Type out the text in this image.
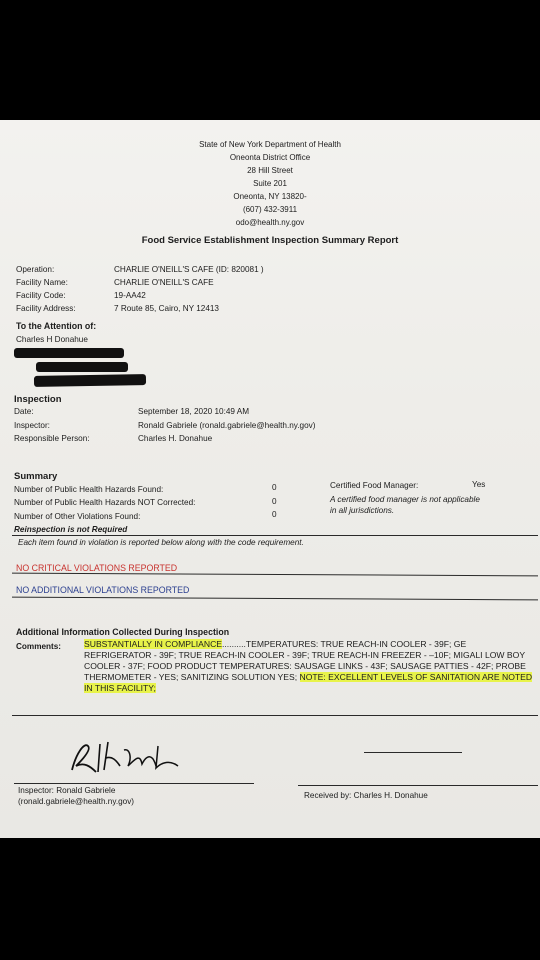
State of New York Department of Health
Oneonta District Office
28 Hill Street
Suite 201
Oneonta, NY 13820-
(607) 432-3911
odo@health.ny.gov
Food Service Establishment Inspection Summary Report
Operation:	CHARLIE O'NEILL'S CAFE (ID: 820081 )
Facility Name:	CHARLIE O'NEILL'S CAFE
Facility Code:	19-AA42
Facility Address:	7 Route 85, Cairo, NY 12413
To the Attention of:
Charles H Donahue
Inspection
Date:	September 18, 2020 10:49 AM
Inspector:	Ronald Gabriele (ronald.gabriele@health.ny.gov)
Responsible Person:	Charles H. Donahue
Summary
Number of Public Health Hazards Found:	0
Number of Public Health Hazards NOT Corrected:	0
Number of Other Violations Found:	0
Certified Food Manager:	Yes
A certified food manager is not applicable
in all jurisdictions.
Reinspection is not Required
Each item found in violation is reported below along with the code requirement.
NO CRITICAL VIOLATIONS REPORTED
NO ADDITIONAL VIOLATIONS REPORTED
Additional Information Collected During Inspection
Comments:	SUBSTANTIALLY IN COMPLIANCE..........TEMPERATURES: TRUE REACH-IN COOLER - 39F; GE REFRIGERATOR - 39F; TRUE REACH-IN COOLER - 39F; TRUE REACH-IN FREEZER - –10F; MIGALI LOW BOY COOLER - 37F; FOOD PRODUCT TEMPERATURES: SAUSAGE LINKS - 43F; SAUSAGE PATTIES - 42F; PROBE THERMOMETER - YES; SANITIZING SOLUTION YES; NOTE: EXCELLENT LEVELS OF SANITATION ARE NOTED IN THIS FACILITY;
Inspector: Ronald Gabriele
(ronald.gabriele@health.ny.gov)
Received by: Charles H. Donahue
